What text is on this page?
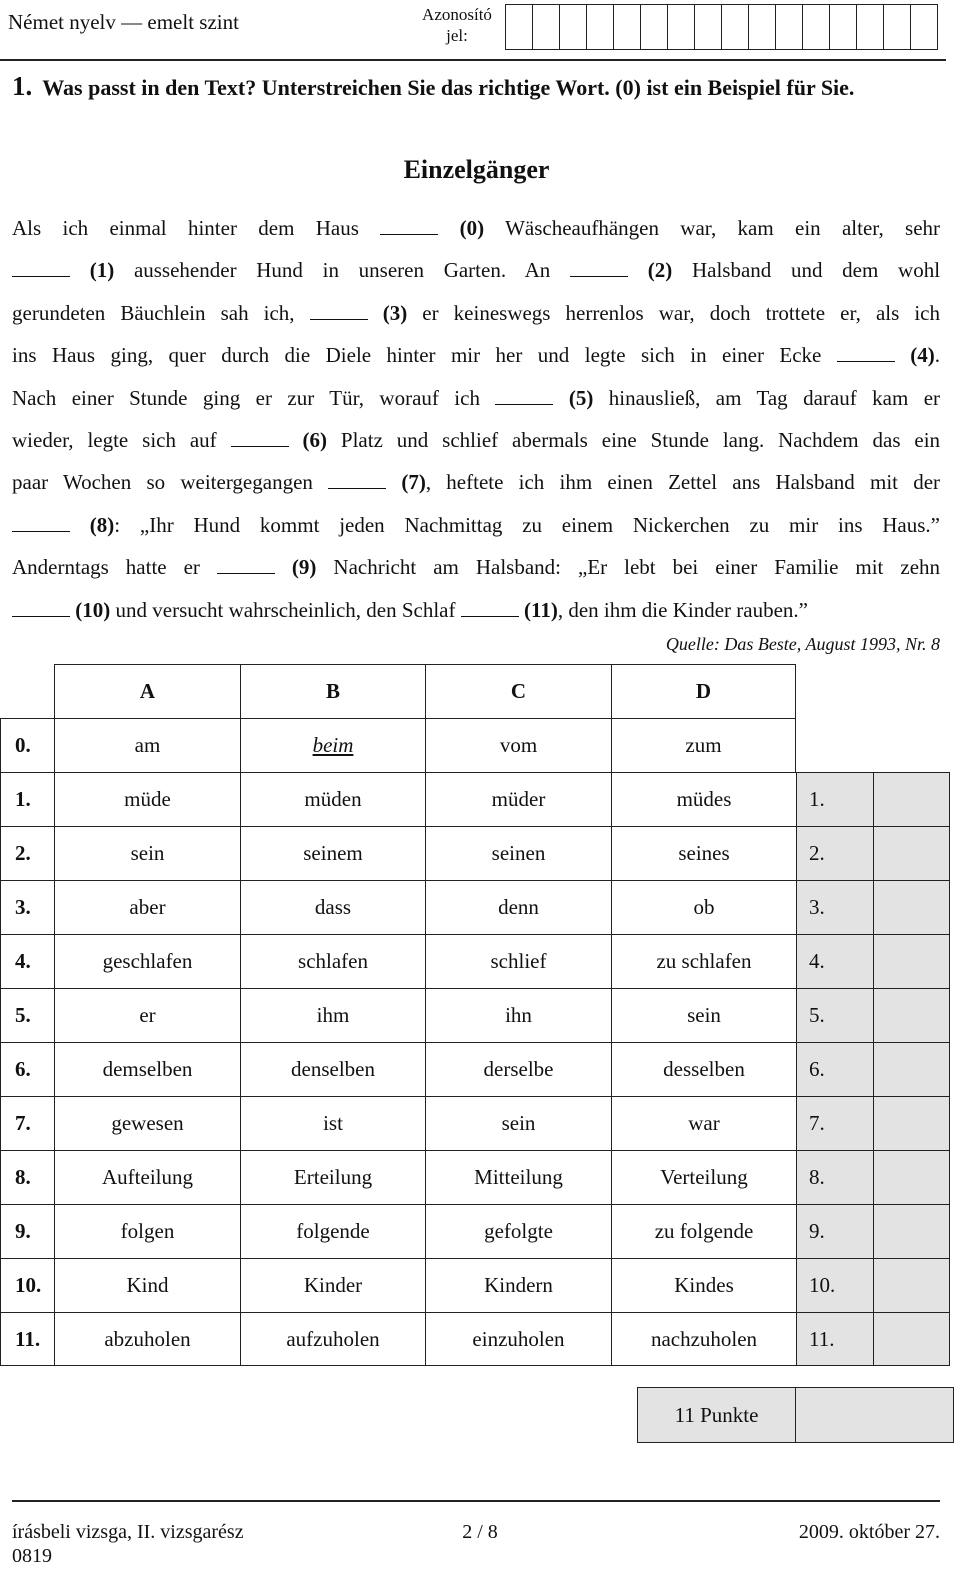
Német nyelv — emelt szint	Azonosító jel:
1. Was passt in den Text? Unterstreichen Sie das richtige Wort. (0) ist ein Beispiel für Sie.
Einzelgänger
Als ich einmal hinter dem Haus	(0) Wäscheaufhängen war, kam ein alter, sehr
(1) aussehender Hund in unseren Garten. An	(2) Halsband und dem wohl
gerundeten Bäuchlein sah ich,	(3) er keineswegs herrenlos war, doch trottete er, als ich
ins Haus ging, quer durch die Diele hinter mir her und legte sich in einer Ecke	(4).
Nach einer Stunde ging er zur Tür, worauf ich	(5) hinausließ, am Tag darauf kam er
wieder, legte sich auf	(6) Platz und schlief abermals eine Stunde lang. Nachdem das ein
paar Wochen so weitergegangen	(7), heftete ich ihm einen Zettel ans Halsband mit der
(8): „Ihr Hund kommt jeden Nachmittag zu einem Nickerchen zu mir ins Haus.”
Anderntags hatte er	(9) Nachricht am Halsband: „Er lebt bei einer Familie mit zehn
(10) und versucht wahrscheinlich, den Schlaf	(11), den ihm die Kinder rauben.”
Quelle: Das Beste, August 1993, Nr. 8
A	B	C	D
0.	am	beim	vom	zum
1.	müde	müden	müder	müdes	1.
2.	sein	seinem	seinen	seines	2.
3.	aber	dass	denn	ob	3.
4.	geschlafen	schlafen	schlief	zu schlafen	4.
5.	er	ihm	ihn	sein	5.
6.	demselben	denselben	derselbe	desselben	6.
7.	gewesen	ist	sein	war	7.
8.	Aufteilung	Erteilung	Mitteilung	Verteilung	8.
9.	folgen	folgende	gefolgte	zu folgende	9.
10.	Kind	Kinder	Kindern	Kindes	10.
11.	abzuholen	aufzuholen	einzuholen	nachzuholen	11.
11 Punkte
írásbeli vizsga, II. vizsgarész
0819
2 / 8	2009. október 27.
